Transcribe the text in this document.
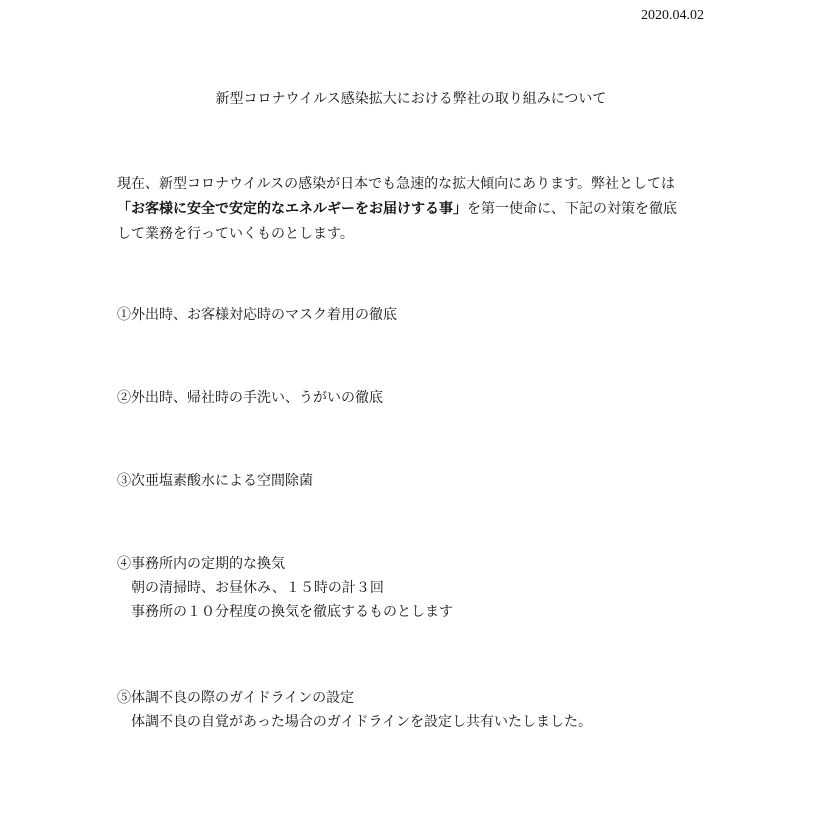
2020.04.02
新型コロナウイルス感染拡大における弊社の取り組みについて
現在、新型コロナウイルスの感染が日本でも急速的な拡大傾向にあります。弊社としては
「お客様に安全で安定的なエネルギーをお届けする事」を第一使命に、下記の対策を徹底
して業務を行っていくものとします。
①外出時、お客様対応時のマスク着用の徹底
②外出時、帰社時の手洗い、うがいの徹底
③次亜塩素酸水による空間除菌
④事務所内の定期的な換気
朝の清掃時、お昼休み、１５時の計３回
事務所の１０分程度の換気を徹底するものとします
⑤体調不良の際のガイドラインの設定
体調不良の自覚があった場合のガイドラインを設定し共有いたしました。
